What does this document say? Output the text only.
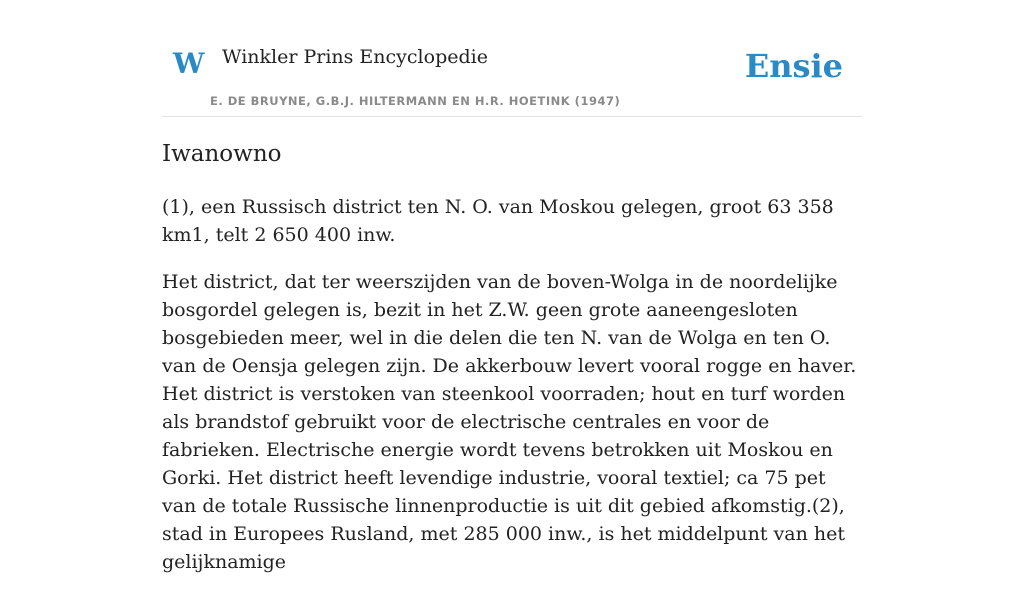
W Winkler Prins Encyclopedie
E. DE BRUYNE, G.B.J. HILTERMANN EN H.R. HOETINK (1947)
Ensie
Iwanowno

(1), een Russisch district ten N. O. van Moskou gelegen, groot 63 358 km1, telt 2 650 400 inw.

Het district, dat ter weerszijden van de boven-Wolga in de noordelijke bosgordel gelegen is, bezit in het Z.W. geen grote aaneengesloten bosgebieden meer, wel in die delen die ten N. van de Wolga en ten O. van de Oensja gelegen zijn. De akkerbouw levert vooral rogge en haver. Het district is verstoken van steenkool voorraden; hout en turf worden als brandstof gebruikt voor de electrische centrales en voor de fabrieken. Electrische energie wordt tevens betrokken uit Moskou en Gorki. Het district heeft levendige industrie, vooral textiel; ca 75 pet van de totale Russische linnenproductie is uit dit gebied afkomstig.(2), stad in Europees Rusland, met 285 000 inw., is het middelpunt van het gelijknamige
